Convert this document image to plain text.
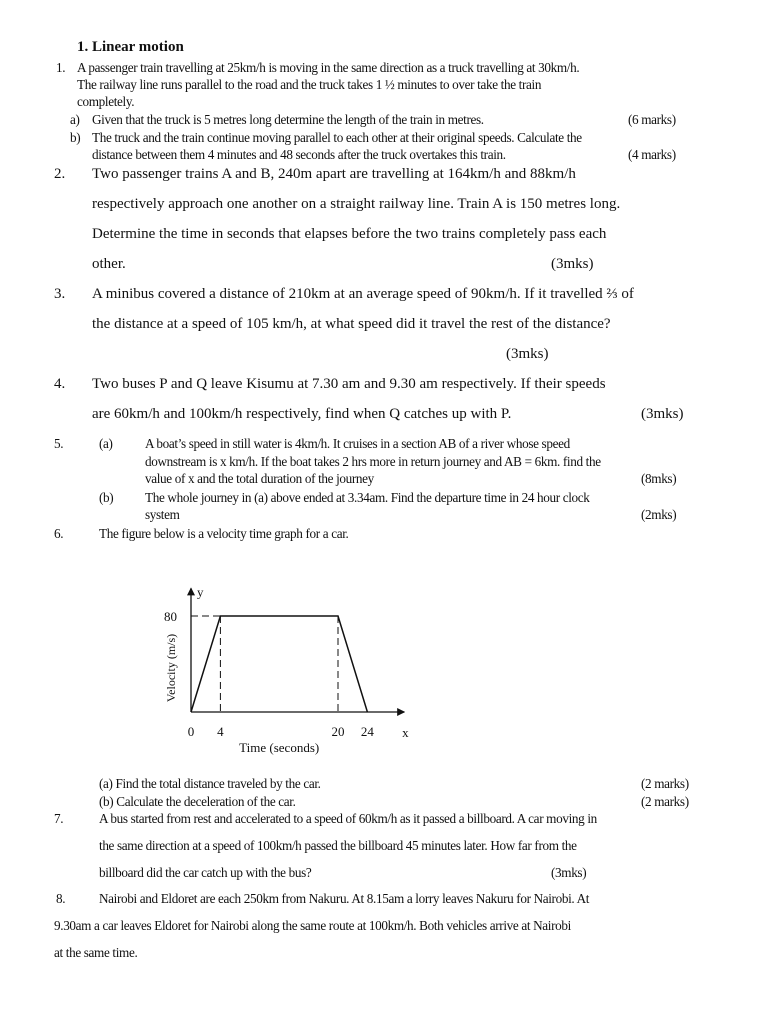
1. Linear motion
1. A passenger train travelling at 25km/h is moving in the same direction as a truck travelling at 30km/h.
The railway line runs parallel to the road and the truck takes 1 ½ minutes to over take the train
completely.
a) Given that the truck is 5 metres long determine the length of the train in metres.	(6 marks)
b) The truck and the train continue moving parallel to each other at their original speeds. Calculate the
distance between them 4 minutes and 48 seconds after the truck overtakes this train.	(4 marks)
2. Two passenger trains A and B, 240m apart are travelling at 164km/h and 88km/h
respectively approach one another on a straight railway line. Train A is 150 metres long.
Determine the time in seconds that elapses before the two trains completely pass each
other.	(3mks)
3. A minibus covered a distance of 210km at an average speed of 90km/h. If it travelled ⅔ of
the distance at a speed of 105 km/h, at what speed did it travel the rest of the distance?
(3mks)
4. Two buses P and Q leave Kisumu at 7.30 am and 9.30 am respectively. If their speeds
are 60km/h and 100km/h respectively, find when Q catches up with P.	(3mks)
5.	(a) A boat’s speed in still water is 4km/h. It cruises in a section AB of a river whose speed
downstream is x km/h. If the boat takes 2 hrs more in return journey and AB = 6km. find the
value of x and the total duration of the journey	(8mks)
(b) The whole journey in (a) above ended at 3.34am. Find the departure time in 24 hour clock
system	(2mks)
6.	The figure below is a velocity time graph for a car.
y
x
0 4	20 24
80
Time (seconds)
Velocity (m/s)
(a) Find the total distance traveled by the car.	(2 marks)
(b) Calculate the deceleration of the car.	(2 marks)
7.	A bus started from rest and accelerated to a speed of 60km/h as it passed a billboard. A car moving in
the same direction at a speed of 100km/h passed the billboard 45 minutes later. How far from the
billboard did the car catch up with the bus?	(3mks)
8.	Nairobi and Eldoret are each 250km from Nakuru. At 8.15am a lorry leaves Nakuru for Nairobi. At
9.30am a car leaves Eldoret for Nairobi along the same route at 100km/h. Both vehicles arrive at Nairobi
at the same time.
